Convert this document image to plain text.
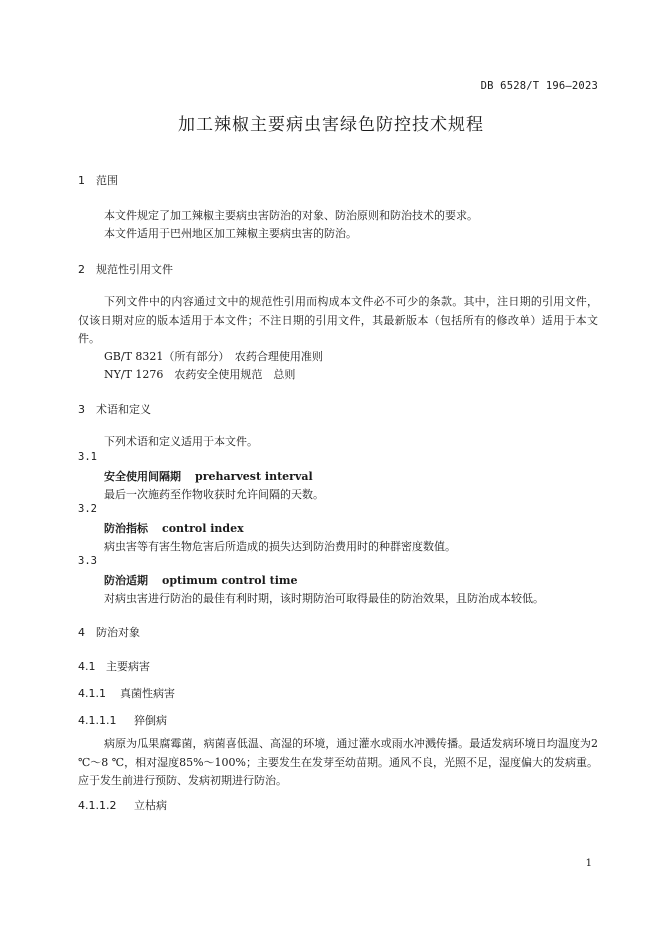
DB 6528/T 196—2023
加工辣椒主要病虫害绿色防控技术规程
1 范围
本文件规定了加工辣椒主要病虫害防治的对象、防治原则和防治技术的要求。
本文件适用于巴州地区加工辣椒主要病虫害的防治。
2 规范性引用文件
下列文件中的内容通过文中的规范性引用而构成本文件必不可少的条款。其中，注日期的引用文件，仅该日期对应的版本适用于本文件；不注日期的引用文件，其最新版本（包括所有的修改单）适用于本文件。
GB/T 8321（所有部分）　农药合理使用准则
NY/T 1276　农药安全使用规范　总则
3 术语和定义
下列术语和定义适用于本文件。
3.1
安全使用间隔期 preharvest interval
最后一次施药至作物收获时允许间隔的天数。
3.2
防治指标 control index
病虫害等有害生物危害后所造成的损失达到防治费用时的种群密度数值。
3.3
防治适期 optimum control time
对病虫害进行防治的最佳有利时期，该时期防治可取得最佳的防治效果，且防治成本较低。
4 防治对象
4.1 主要病害
4.1.1 真菌性病害
4.1.1.1 猝倒病
病原为瓜果腐霉菌，病菌喜低温、高湿的环境，通过灌水或雨水冲溅传播。最适发病环境日均温度为2 ℃～8 ℃，相对湿度85%～100%；主要发生在发芽至幼苗期。通风不良，光照不足，湿度偏大的发病重。应于发生前进行预防、发病初期进行防治。
4.1.1.2 立枯病
1
